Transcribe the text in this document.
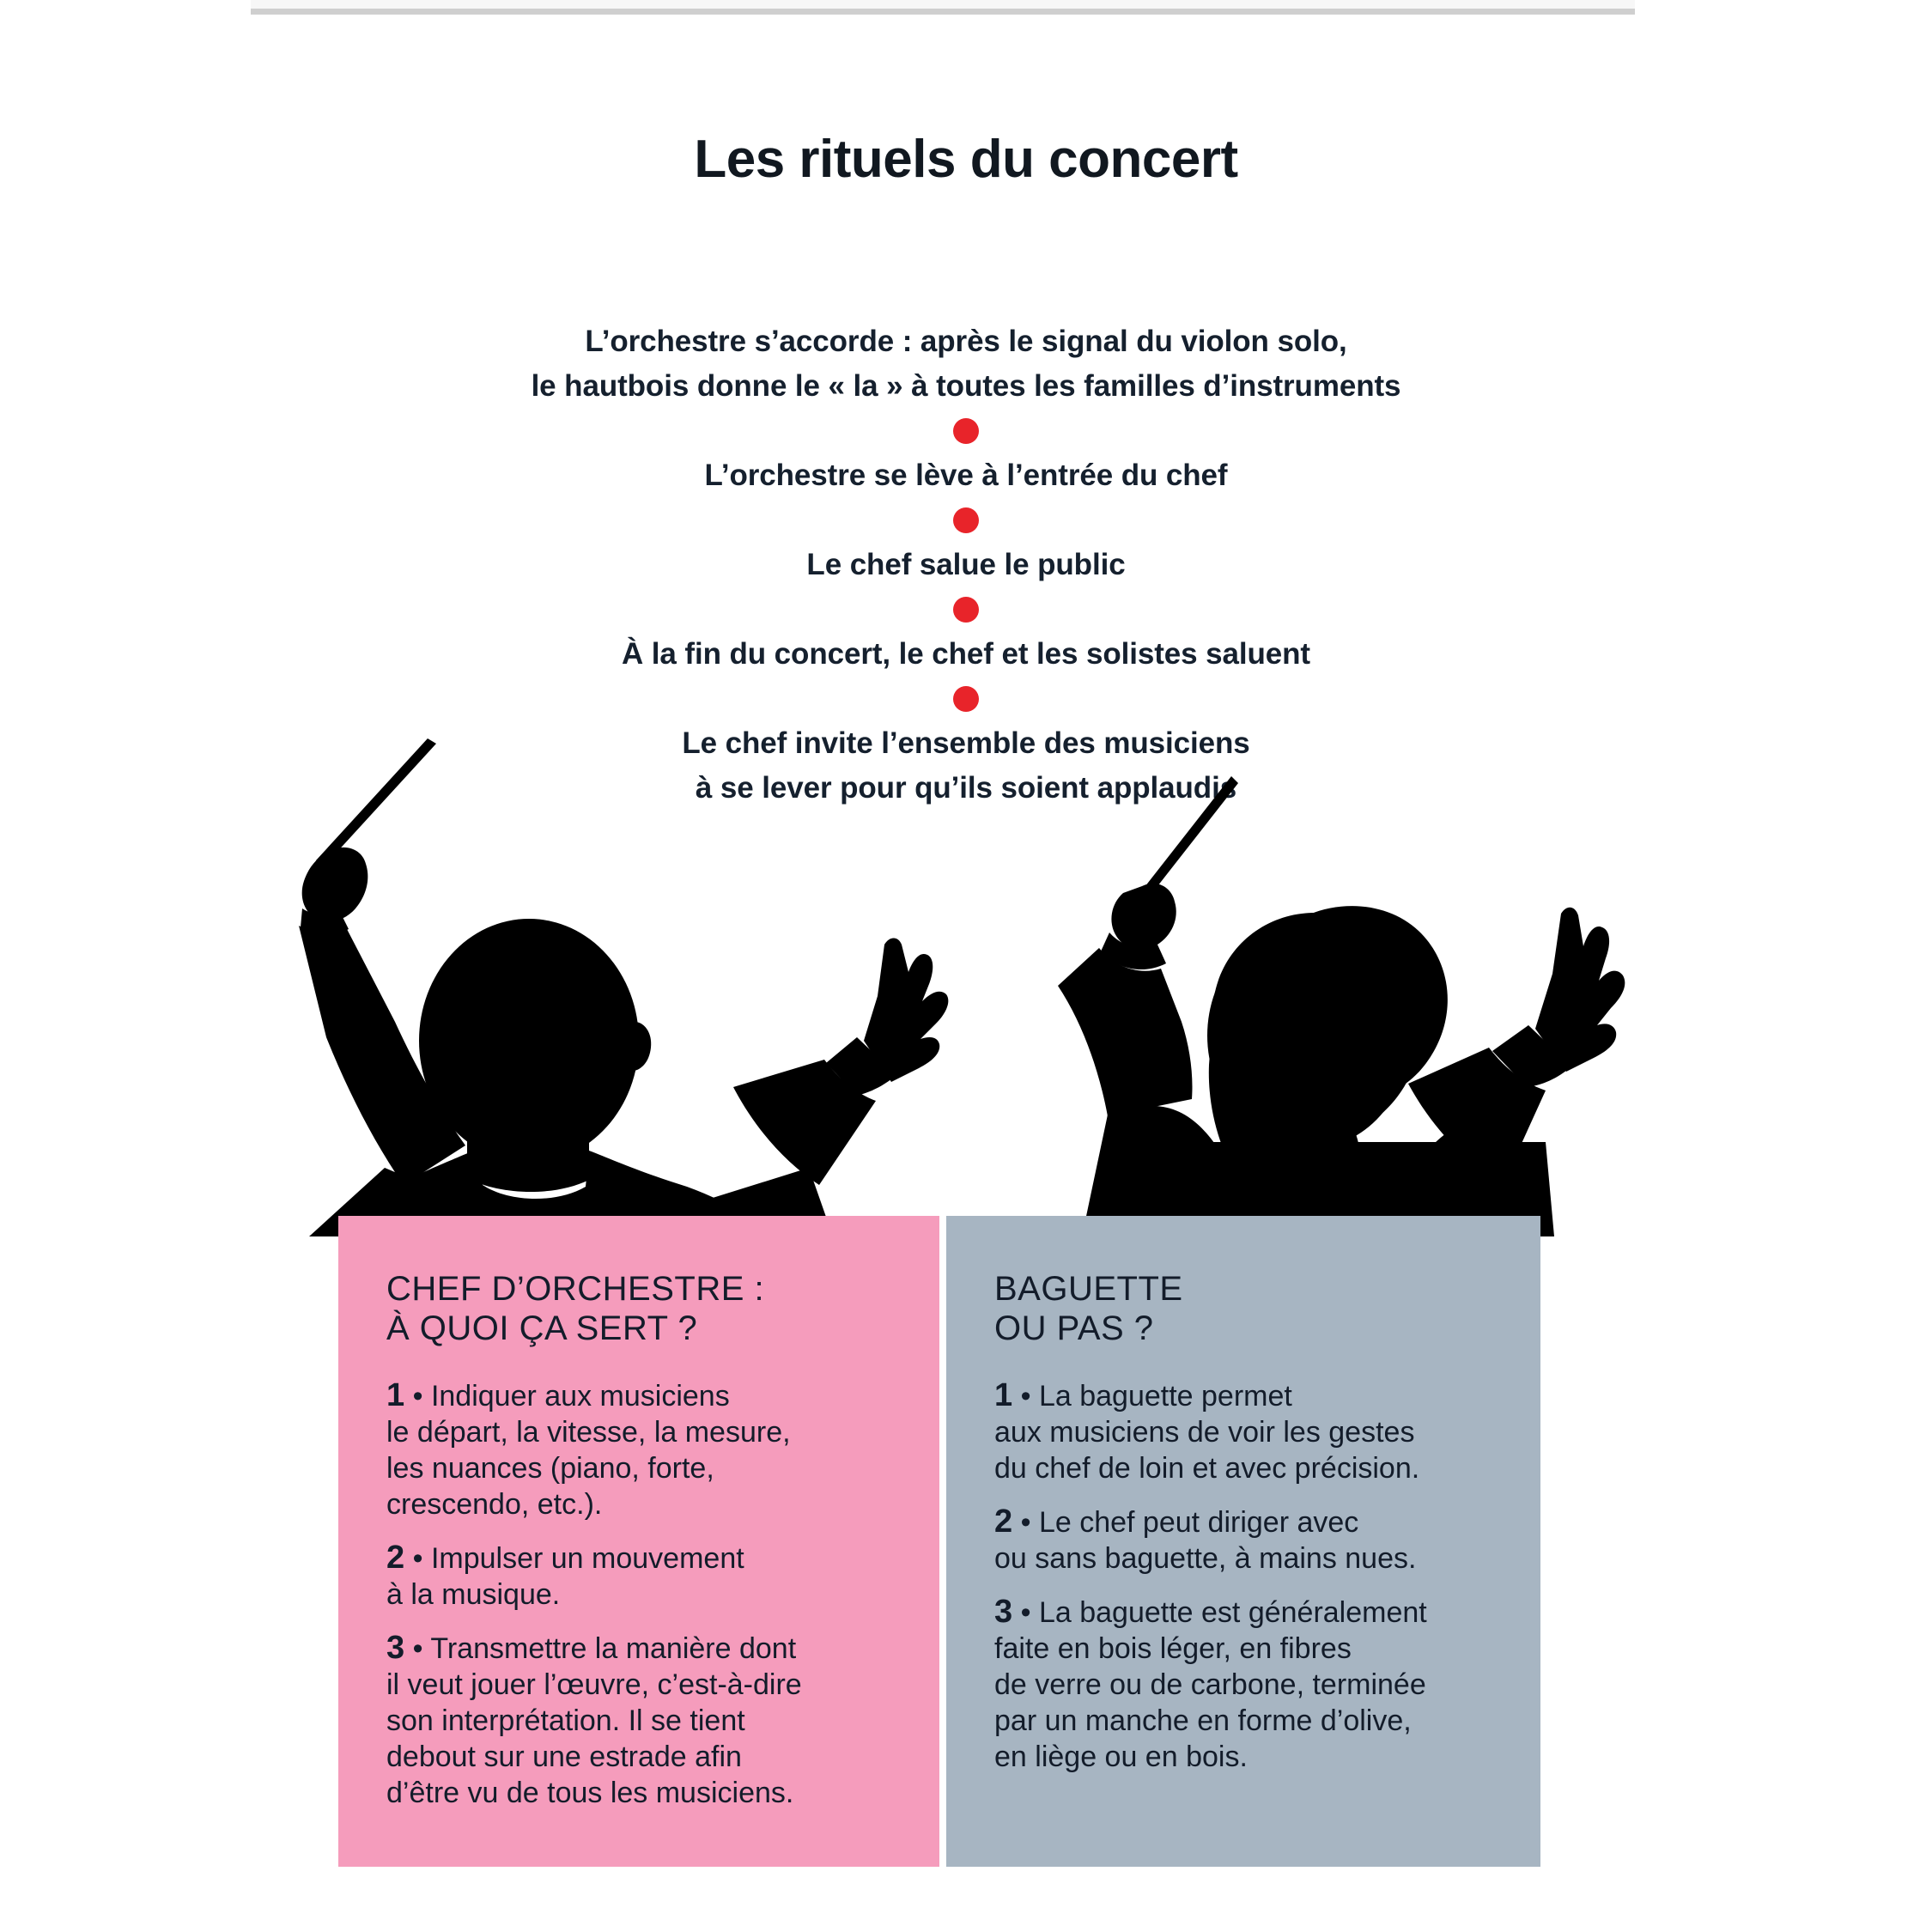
Les rituels du concert
L’orchestre s’accorde : après le signal du violon solo,
le hautbois donne le « la » à toutes les familles d’instruments
L’orchestre se lève à l’entrée du chef
Le chef salue le public
À la fin du concert, le chef et les solistes saluent
Le chef invite l’ensemble des musiciens
à se lever pour qu’ils soient applaudis
CHEF D’ORCHESTRE :
À QUOI ÇA SERT ?
1 • Indiquer aux musiciens
le départ, la vitesse, la mesure,
les nuances (piano, forte,
crescendo, etc.).
2 • Impulser un mouvement
à la musique.
3 • Transmettre la manière dont
il veut jouer l’œuvre, c’est-à-dire
son interprétation. Il se tient
debout sur une estrade afin
d’être vu de tous les musiciens.
BAGUETTE
OU PAS ?
1 • La baguette permet
aux musiciens de voir les gestes
du chef de loin et avec précision.
2 • Le chef peut diriger avec
ou sans baguette, à mains nues.
3 • La baguette est généralement
faite en bois léger, en fibres
de verre ou de carbone, terminée
par un manche en forme d’olive,
en liège ou en bois.
